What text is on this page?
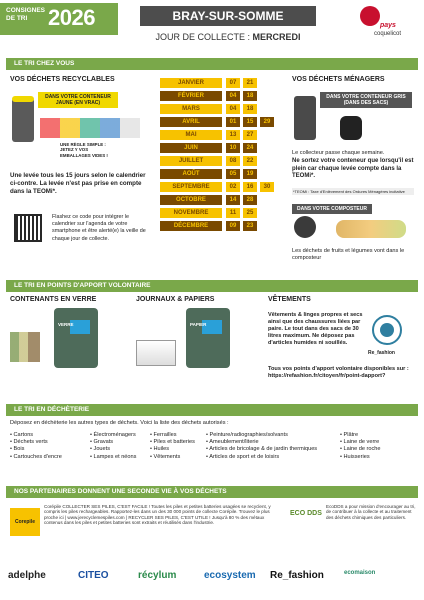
CONSIGNES DE TRI 2026	BRAY-SUR-SOMME
JOUR DE COLLECTE : MERCREDI
pays
coquelicot
LE TRI CHEZ VOUS
VOS DÉCHETS RECYCLABLES
DANS VOTRE CONTENEUR JAUNE (EN VRAC)
UNE RÈGLE SIMPLE : JETEZ Y VOS EMBALLAGES VIDES !
Une levée tous les 15 jours selon le calendrier ci-contre. La levée n'est pas prise en compte dans la TEOMi*.
Flashez ce code pour intégrer le calendrier sur l'agenda de votre smartphone et être alerté(e) la veille de chaque jour de collecte.
JANVIER	07	21
FÉVRIER	04	18
MARS	04	18
AVRIL	01	15	29
MAI	13	27
JUIN	10	24
JUILLET	08	22
AOÛT	05	19
SEPTEMBRE	02	16	30
OCTOBRE	14	28
NOVEMBRE	11	25
DÉCEMBRE	09	23
VOS DÉCHETS MÉNAGERS
DANS VOTRE CONTENEUR GRIS (DANS DES SACS)
Le collecteur passe chaque semaine.
Ne sortez votre conteneur que lorsqu'il est plein car chaque levée compte dans la TEOMi*.
*TEOMi : Taxe d'Enlèvement des Ordures Ménagères incitative
DANS VOTRE COMPOSTEUR
Les déchets de fruits et légumes vont dans le composteur
LE TRI EN POINTS D'APPORT VOLONTAIRE
CONTENANTS EN VERRE
VERRE
JOURNAUX & PAPIERS
PAPIER
VÊTEMENTS
Vêtements & linges propres et secs ainsi que des chaussures liées par paire. Le tout dans des sacs de 30 litres maximum. Ne déposez pas d'articles humides ni souillés.
Re_fashion
Tous vos points d'apport volontaire disponibles sur : https://refashion.fr/citoyen/fr/point-dapport?
LE TRI EN DÉCHÈTERIE
Déposez en déchèterie les autres types de déchets. Voici la liste des déchets autorisés :
• Cartons
• Déchets verts
• Bois
• Cartouches d'encre
• Électroménagers
• Gravats
• Jouets
• Lampes et néons
• Ferrailles
• Piles et batteries
• Huiles
• Vêtements
• Peinture/radiographies/solvants
• Ameublement/literie
• Articles de bricolage & de jardin thermiques
• Articles de sport et de loisirs
• Plâtre
• Laine de verre
• Laine de roche
• Huisseries
NOS PARTENAIRES DONNENT UNE SECONDE VIE À VOS DÉCHETS
Corepile
Corépile COLLECTER SES PILES, C'EST FACILE ! Toutes les piles et petites batteries usagées se recyclent, y compris les piles rechargeables. Rapportez-les dans un des 30 000 points de collecte Corépile. Trouvez le plus proche ici | www.jerecyclemespiles.com | RECYCLER SES PILES, C'EST UTILE ! Jusqu'à 80 % des métaux contenus dans les piles et petites batteries sont extraits et réutilisés dans l'industrie.
ECO DDS
EcoDDS a pour mission d'encourager au tri, de contribuer à la collecte et au traitement des déchets chimiques des particuliers.
adelphe	CITEO	récylum	ecosystem Re_fashion	ecomaison
